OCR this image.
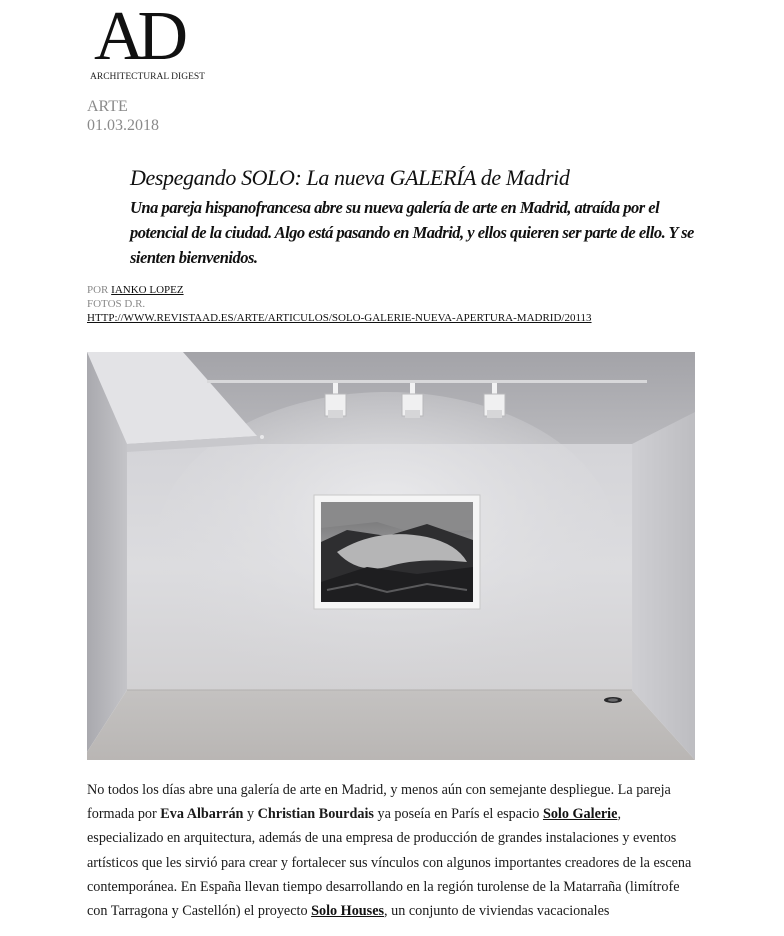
AD
ARCHITECTURAL DIGEST
ARTE
01.03.2018
Despegando SOLO: La nueva GALERÍA de Madrid
Una pareja hispanofrancesa abre su nueva galería de arte en Madrid, atraída por el potencial de la ciudad. Algo está pasando en Madrid, y ellos quieren ser parte de ello. Y se sienten bienvenidos.
POR IANKO LOPEZ
FOTOS D.R.
HTTP://WWW.REVISTAAD.ES/ARTE/ARTICULOS/SOLO-GALERIE-NUEVA-APERTURA-MADRID/20113

No todos los días abre una galería de arte en Madrid, y menos aún con semejante despliegue. La pareja formada por Eva Albarrán y Christian Bourdais ya poseía en París el espacio Solo Galerie, especializado en arquitectura, además de una empresa de producción de grandes instalaciones y eventos artísticos que les sirvió para crear y fortalecer sus vínculos con algunos importantes creadores de la escena contemporánea. En España llevan tiempo desarrollando en la región turolense de la Matarraña (limítrofe con Tarragona y Castellón) el proyecto Solo Houses, un conjunto de viviendas vacacionales
